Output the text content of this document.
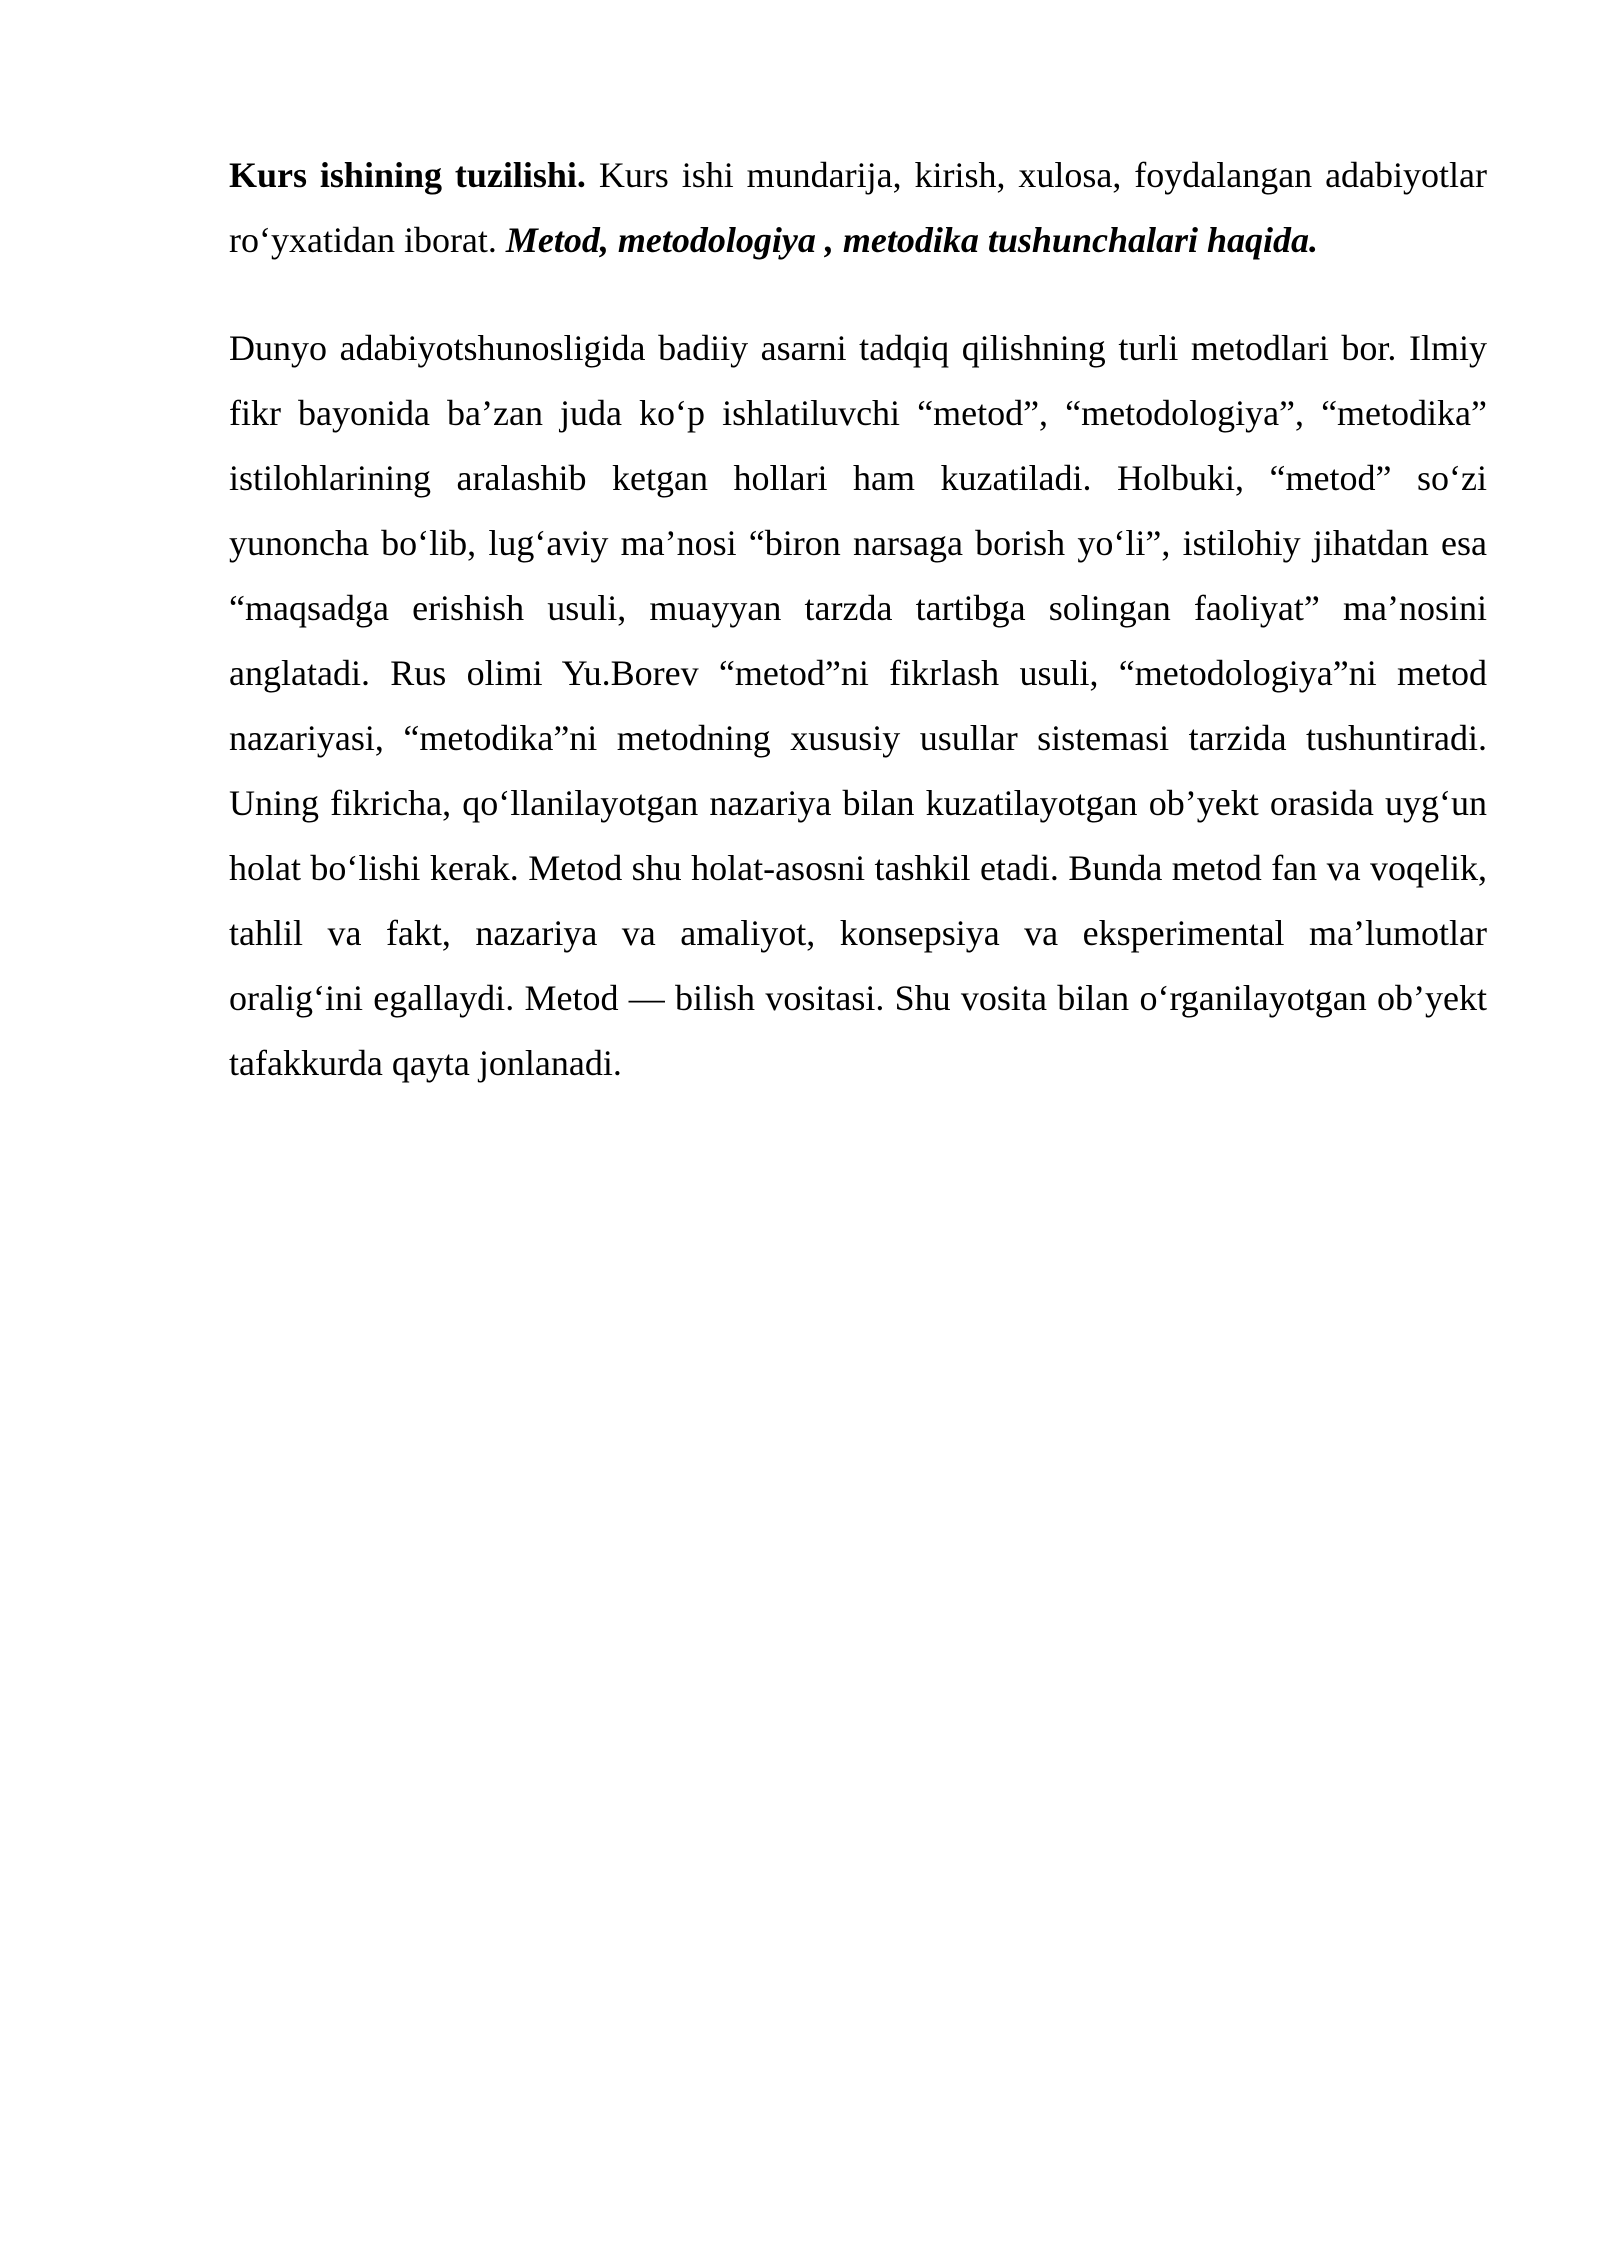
Kurs ishining tuzilishi. Kurs ishi mundarija, kirish, xulosa, foydalangan adabiyotlar ro‘yxatidan iborat. Metod, metodologiya , metodika tushunchalari haqida.

Dunyo adabiyotshunosligida badiiy asarni tadqiq qilishning turli metodlari bor. Ilmiy fikr bayonida ba’zan juda ko‘p ishlatiluvchi “metod”, “metodologiya”, “metodika” istilohlarining aralashib ketgan hollari ham kuzatiladi. Holbuki, “metod” so‘zi yunoncha bo‘lib, lug‘aviy ma’nosi “biron narsaga borish yo‘li”, istilohiy jihatdan esa “maqsadga erishish usuli, muayyan tarzda tartibga solingan faoliyat” ma’nosini anglatadi. Rus olimi Yu.Borev “metod”ni fikrlash usuli, “metodologiya”ni metod nazariyasi, “metodika”ni metodning xususiy usullar sistemasi tarzida tushuntiradi. Uning fikricha, qo‘llanilayotgan nazariya bilan kuzatilayotgan ob’yekt orasida uyg‘un holat bo‘lishi kerak. Metod shu holat-asosni tashkil etadi. Bunda metod fan va voqelik, tahlil va fakt, nazariya va amaliyot, konsepsiya va eksperimental ma’lumotlar oralig‘ini egallaydi. Metod — bilish vositasi. Shu vosita bilan o‘rganilayotgan ob’yekt tafakkurda qayta jonlanadi.
